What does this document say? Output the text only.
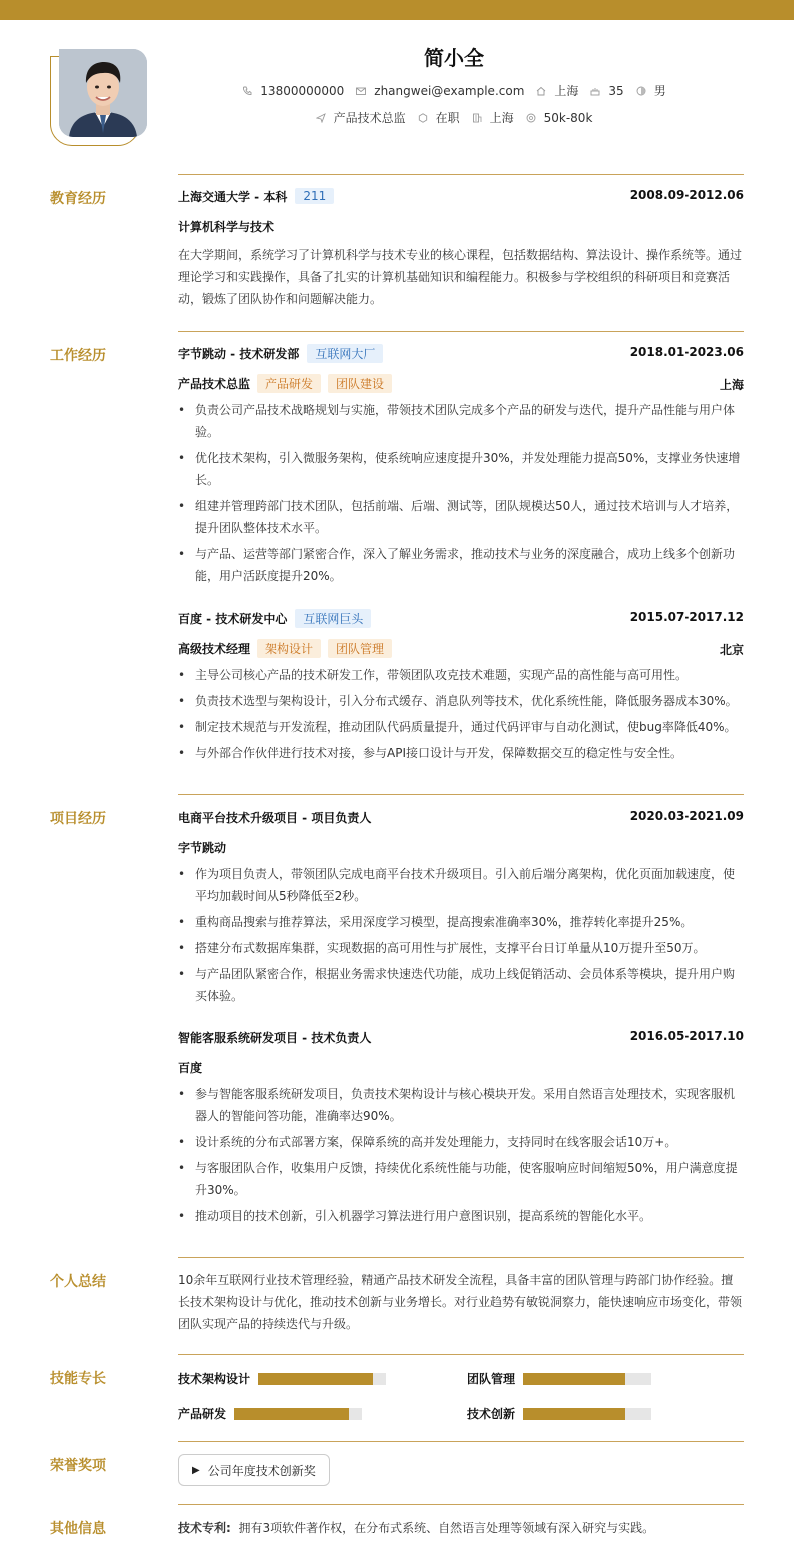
简小全
13800000000	zhangwei@example.com	上海	35	男
产品技术总监	在职	上海	50k-80k
教育经历	上海交通大学 - 本科	211	2008.09-2012.06
计算机科学与技术

在大学期间，系统学习了计算机科学与技术专业的核心课程，包括数据结构、算法设计、操作系统等。通过理论学习和实践操作，具备了扎实的计算机基础知识和编程能力。积极参与学校组织的科研项目和竞赛活动，锻炼了团队协作和问题解决能力。

工作经历	字节跳动 - 技术研发部	互联网大厂	2018.01-2023.06
产品技术总监	产品研发	团队建设	上海
• 负责公司产品技术战略规划与实施，带领技术团队完成多个产品的研发与迭代，提升产品性能与用户体验。
• 优化技术架构，引入微服务架构，使系统响应速度提升30%，并发处理能力提高50%，支撑业务快速增长。
• 组建并管理跨部门技术团队，包括前端、后端、测试等，团队规模达50人，通过技术培训与人才培养，提升团队整体技术水平。
• 与产品、运营等部门紧密合作，深入了解业务需求，推动技术与业务的深度融合，成功上线多个创新功能，用户活跃度提升20%。
百度 - 技术研发中心	互联网巨头	2015.07-2017.12
高级技术经理	架构设计	团队管理	北京
• 主导公司核心产品的技术研发工作，带领团队攻克技术难题，实现产品的高性能与高可用性。
• 负责技术选型与架构设计，引入分布式缓存、消息队列等技术，优化系统性能，降低服务器成本30%。
• 制定技术规范与开发流程，推动团队代码质量提升，通过代码评审与自动化测试，使bug率降低40%。
• 与外部合作伙伴进行技术对接，参与API接口设计与开发，保障数据交互的稳定性与安全性。
项目经历	电商平台技术升级项目 - 项目负责人	2020.03-2021.09
字节跳动
• 作为项目负责人，带领团队完成电商平台技术升级项目。引入前后端分离架构，优化页面加载速度，使平均加载时间从5秒降低至2秒。
• 重构商品搜索与推荐算法，采用深度学习模型，提高搜索准确率30%，推荐转化率提升25%。
• 搭建分布式数据库集群，实现数据的高可用性与扩展性，支撑平台日订单量从10万提升至50万。
• 与产品团队紧密合作，根据业务需求快速迭代功能，成功上线促销活动、会员体系等模块，提升用户购买体验。
智能客服系统研发项目 - 技术负责人	2016.05-2017.10
百度
• 参与智能客服系统研发项目，负责技术架构设计与核心模块开发。采用自然语言处理技术，实现客服机器人的智能问答功能，准确率达90%。
• 设计系统的分布式部署方案，保障系统的高并发处理能力，支持同时在线客服会话10万+。
• 与客服团队合作，收集用户反馈，持续优化系统性能与功能，使客服响应时间缩短50%，用户满意度提升30%。
• 推动项目的技术创新，引入机器学习算法进行用户意图识别，提高系统的智能化水平。
个人总结	10余年互联网行业技术管理经验，精通产品技术研发全流程，具备丰富的团队管理与跨部门协作经验。擅长技术架构设计与优化，推动技术创新与业务增长。对行业趋势有敏锐洞察力，能快速响应市场变化，带领团队实现产品的持续迭代与升级。

技能专长	技术架构设计	团队管理
产品研发	技术创新
荣誉奖项	▶ 公司年度技术创新奖
其他信息	技术专利: 拥有3项软件著作权，在分布式系统、自然语言处理等领域有深入研究与实践。
